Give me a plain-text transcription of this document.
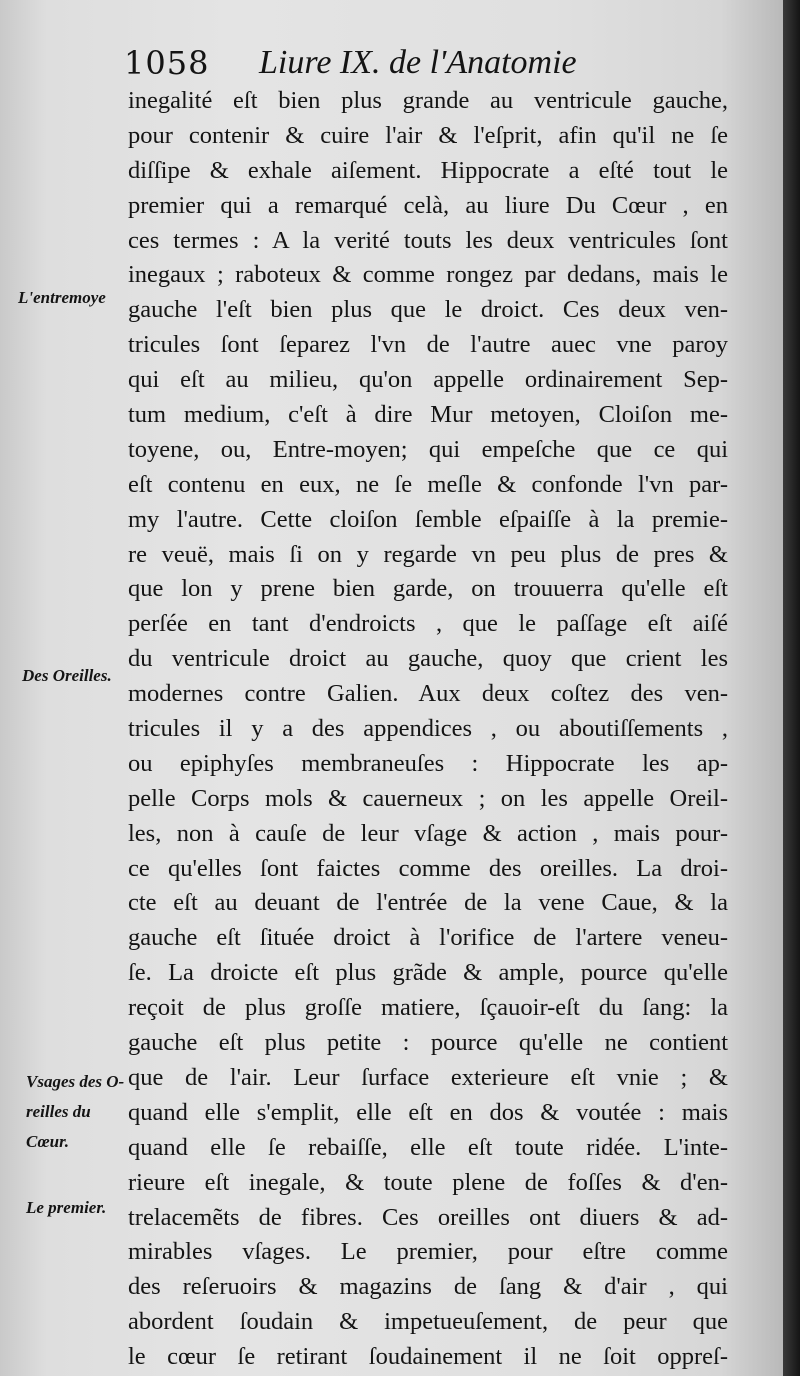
1058 Liure IX. de l'Anatomie
L'entremoye
Des Oreilles.
Vsages des O-
reilles du
Cœur.
Le premier.
inegalité eſt bien plus grande au ventricule gauche,
pour contenir & cuire l'air & l'eſprit, afin qu'il ne ſe
diſſipe & exhale aiſement. Hippocrate a eſté tout le
premier qui a remarqué celà, au liure Du Cœur , en
ces termes : A la verité touts les deux ventricules ſont
inegaux ; raboteux & comme rongez par dedans, mais le
gauche l'eſt bien plus que le droict. Ces deux ven-
tricules ſont ſeparez l'vn de l'autre auec vne paroy
qui eſt au milieu, qu'on appelle ordinairement Sep-
tum medium, c'eſt à dire Mur metoyen, Cloiſon me-
toyene, ou, Entre-moyen; qui empeſche que ce qui
eſt contenu en eux, ne ſe meſle & confonde l'vn par-
my l'autre. Cette cloiſon ſemble eſpaiſſe à la premie-
re veuë, mais ſi on y regarde vn peu plus de pres &
que lon y prene bien garde, on trouuerra qu'elle eſt
perſée en tant d'endroicts , que le paſſage eſt aiſé
du ventricule droict au gauche, quoy que crient les
modernes contre Galien. Aux deux coſtez des ven-
tricules il y a des appendices , ou aboutiſſements ,
ou epiphyſes membraneuſes : Hippocrate les ap-
pelle Corps mols & cauerneux ; on les appelle Oreil-
les, non à cauſe de leur vſage & action , mais pour-
ce qu'elles ſont faictes comme des oreilles. La droi-
cte eſt au deuant de l'entrée de la vene Caue, & la
gauche eſt ſituée droict à l'orifice de l'artere veneu-
ſe. La droicte eſt plus grãde & ample, pource qu'elle
reçoit de plus groſſe matiere, ſçauoir-eſt du ſang: la
gauche eſt plus petite : pource qu'elle ne contient
que de l'air. Leur ſurface exterieure eſt vnie ; &
quand elle s'emplit, elle eſt en dos & voutée : mais
quand elle ſe rebaiſſe, elle eſt toute ridée. L'inte-
rieure eſt inegale, & toute plene de foſſes & d'en-
trelacemẽts de fibres. Ces oreilles ont diuers & ad-
mirables vſages. Le premier, pour eſtre comme
des reſeruoirs & magazins de ſang & d'air , qui
abordent ſoudain & impetueuſement, de peur que
le cœur ſe retirant ſoudainement il ne ſoit oppreſ-
